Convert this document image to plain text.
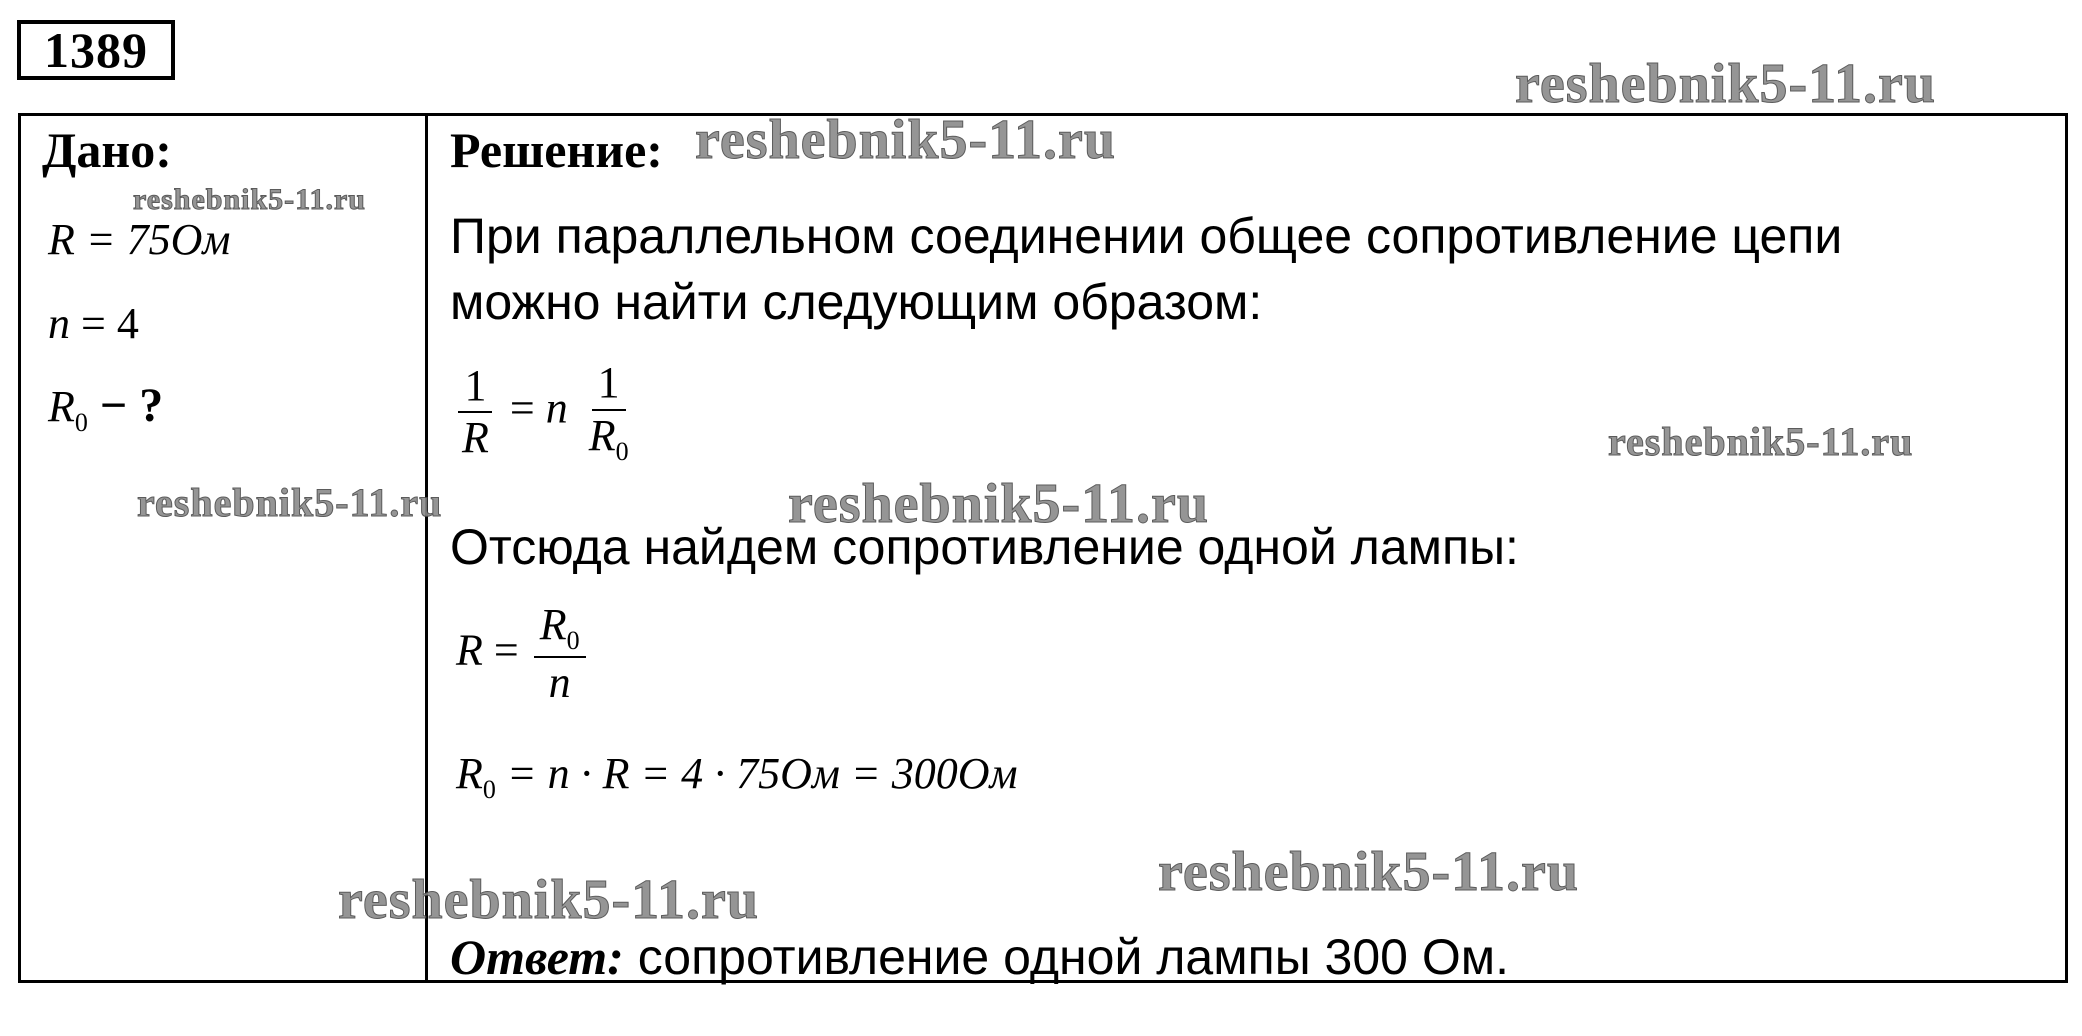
1389
Дано:
R = 75Ом
n = 4
$R_0$ − ?
Решение:
При параллельном соединении общее сопротивление цепи
можно найти следующим образом:
$\frac{1}{R} = n \frac{1}{R_0}$
Отсюда найдем сопротивление одной лампы:
$R = \frac{R_0}{n}$
$R_0 = n \cdot R = 4 \cdot 75Ом = 300Ом$
Ответ: сопротивление одной лампы 300 Ом.
reshebnik5-11.ru
reshebnik5-11.ru
reshebnik5-11.ru
reshebnik5-11.ru
reshebnik5-11.ru	reshebnik5-11.ru
reshebnik5-11.ru
reshebnik5-11.ru
